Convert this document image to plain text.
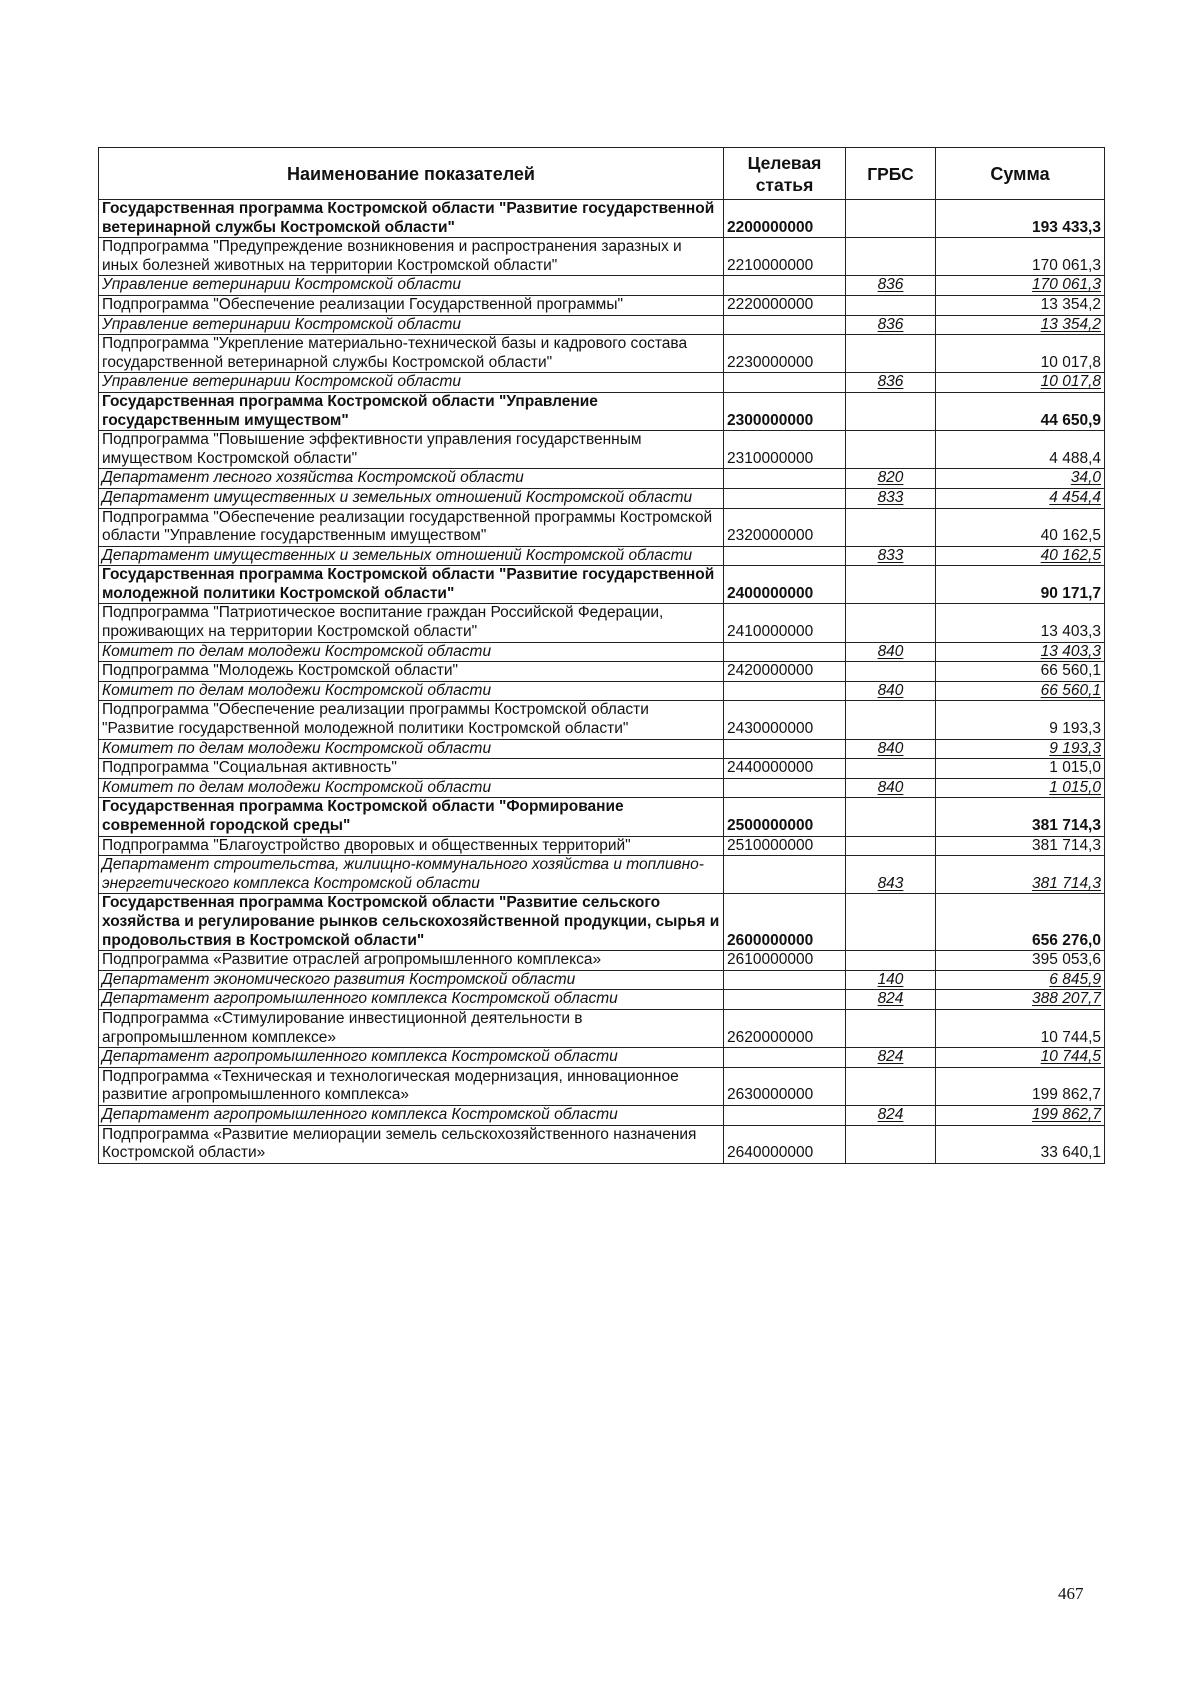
Наименование показателей	Целевая статья	ГРБС	Сумма
Государственная программа Костромской области "Развитие государственной ветеринарной службы Костромской области"	2200000000		193 433,3
Подпрограмма "Предупреждение возникновения и распространения заразных и иных болезней животных на территории Костромской области"	2210000000		170 061,3
Управление ветеринарии Костромской области		836	170 061,3
Подпрограмма "Обеспечение реализации Государственной программы"	2220000000		13 354,2
Управление ветеринарии Костромской области		836	13 354,2
Подпрограмма "Укрепление материально-технической базы и кадрового состава государственной ветеринарной службы Костромской области"	2230000000		10 017,8
Управление ветеринарии Костромской области		836	10 017,8
Государственная программа Костромской области "Управление государственным имуществом"	2300000000		44 650,9
Подпрограмма "Повышение эффективности управления государственным имуществом Костромской области"	2310000000		4 488,4
Департамент лесного хозяйства Костромской области		820	34,0
Департамент имущественных и земельных отношений Костромской области		833	4 454,4
Подпрограмма "Обеспечение реализации государственной программы Костромской области "Управление государственным имуществом"	2320000000		40 162,5
Департамент имущественных и земельных отношений Костромской области		833	40 162,5
Государственная программа Костромской области "Развитие государственной молодежной политики Костромской области"	2400000000		90 171,7
Подпрограмма "Патриотическое воспитание граждан Российской Федерации, проживающих на территории Костромской области"	2410000000		13 403,3
Комитет по делам молодежи Костромской области		840	13 403,3
Подпрограмма "Молодежь Костромской области"	2420000000		66 560,1
Комитет по делам молодежи Костромской области		840	66 560,1
Подпрограмма "Обеспечение реализации программы Костромской области "Развитие государственной молодежной политики Костромской области"	2430000000		9 193,3
Комитет по делам молодежи Костромской области		840	9 193,3
Подпрограмма "Социальная активность"	2440000000		1 015,0
Комитет по делам молодежи Костромской области		840	1 015,0
Государственная программа Костромской области "Формирование современной городской среды"	2500000000		381 714,3
Подпрограмма "Благоустройство дворовых и общественных территорий"	2510000000		381 714,3
Департамент строительства, жилищно-коммунального хозяйства и топливно-энергетического комплекса Костромской области		843	381 714,3
Государственная программа Костромской области "Развитие сельского хозяйства и регулирование рынков сельскохозяйственной продукции, сырья и продовольствия в Костромской области"	2600000000		656 276,0
Подпрограмма «Развитие отраслей агропромышленного комплекса»	2610000000		395 053,6
Департамент экономического развития Костромской области		140	6 845,9
Департамент агропромышленного комплекса Костромской области		824	388 207,7
Подпрограмма «Стимулирование инвестиционной деятельности в агропромышленном комплексе»	2620000000		10 744,5
Департамент агропромышленного комплекса Костромской области		824	10 744,5
Подпрограмма «Техническая и технологическая модернизация, инновационное развитие агропромышленного комплекса»	2630000000		199 862,7
Департамент агропромышленного комплекса Костромской области		824	199 862,7
Подпрограмма «Развитие мелиорации земель сельскохозяйственного назначения Костромской области»	2640000000		33 640,1
467
